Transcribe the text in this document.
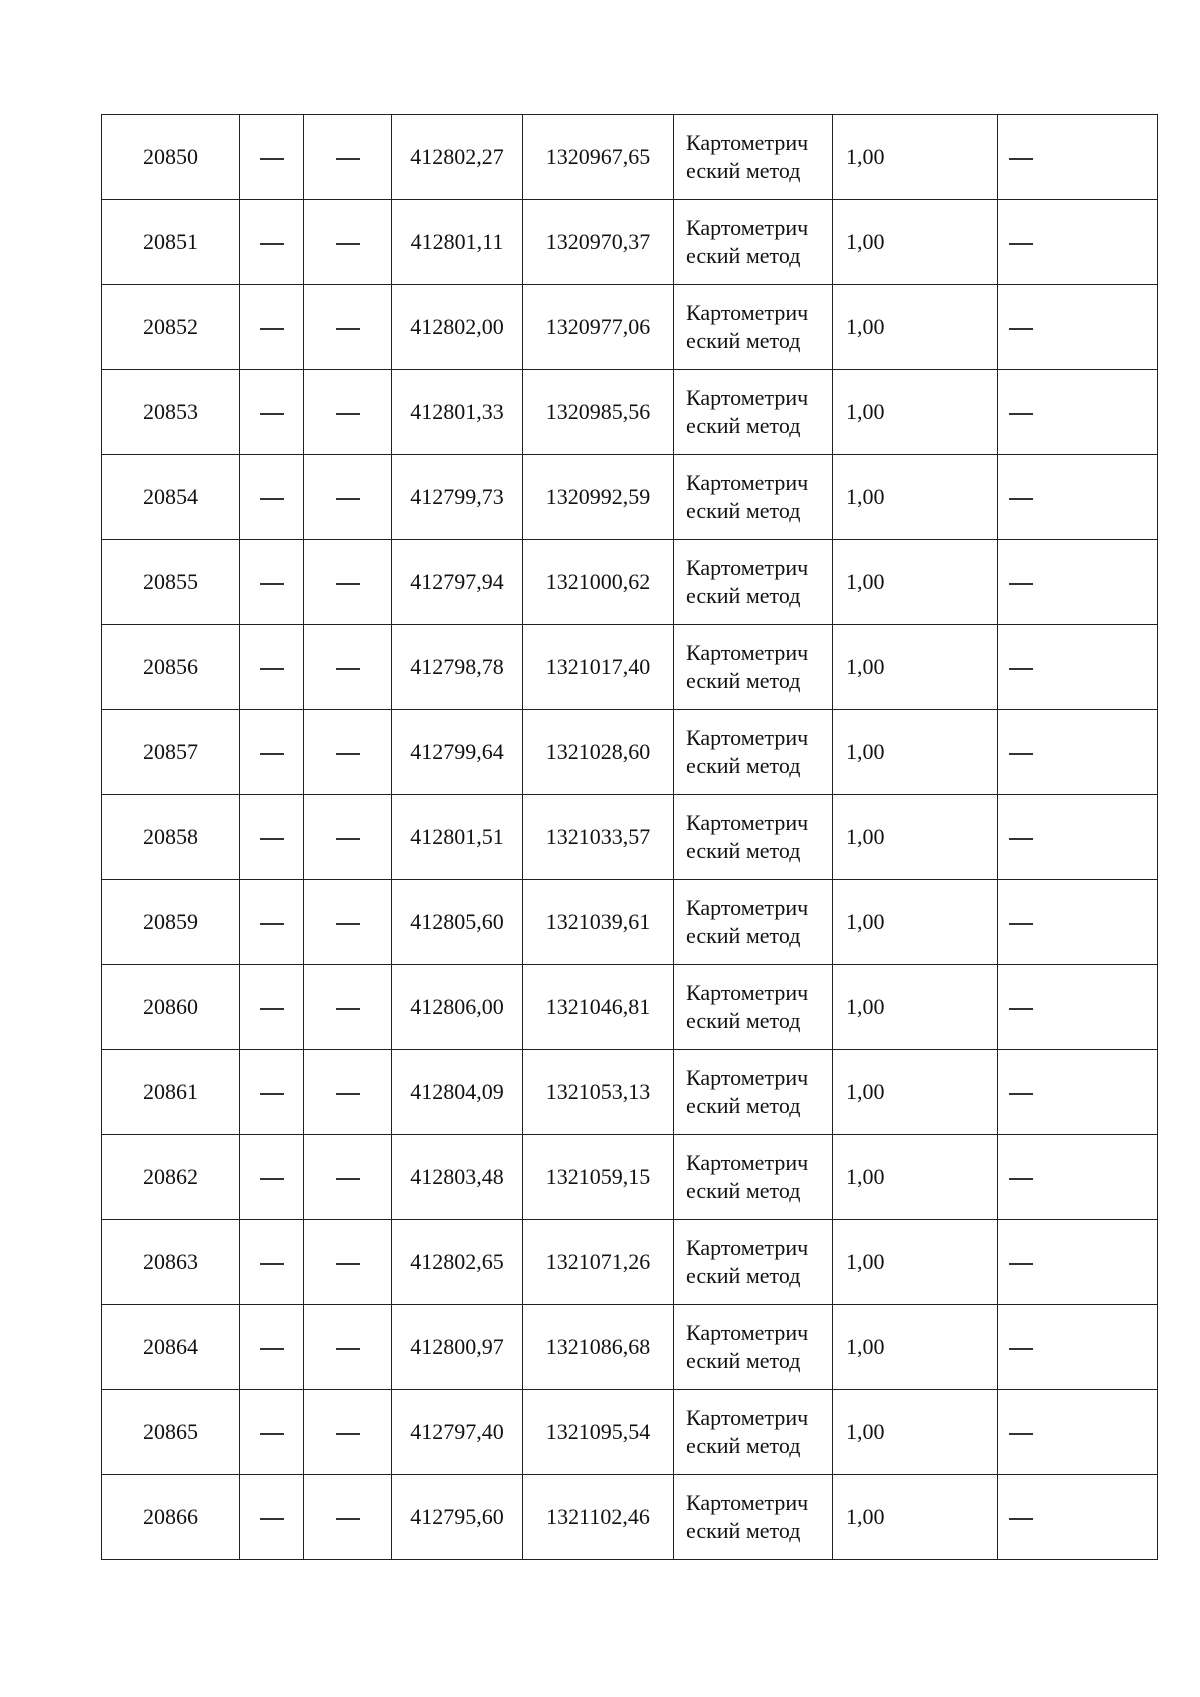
20850			412802,27	1320967,65	Картометрический метод	1,00	
20851			412801,11	1320970,37	Картометрический метод	1,00	
20852			412802,00	1320977,06	Картометрический метод	1,00	
20853			412801,33	1320985,56	Картометрический метод	1,00	
20854			412799,73	1320992,59	Картометрический метод	1,00	
20855			412797,94	1321000,62	Картометрический метод	1,00	
20856			412798,78	1321017,40	Картометрический метод	1,00	
20857			412799,64	1321028,60	Картометрический метод	1,00	
20858			412801,51	1321033,57	Картометрический метод	1,00	
20859			412805,60	1321039,61	Картометрический метод	1,00	
20860			412806,00	1321046,81	Картометрический метод	1,00	
20861			412804,09	1321053,13	Картометрический метод	1,00	
20862			412803,48	1321059,15	Картометрический метод	1,00	
20863			412802,65	1321071,26	Картометрический метод	1,00	
20864			412800,97	1321086,68	Картометрический метод	1,00	
20865			412797,40	1321095,54	Картометрический метод	1,00	
20866			412795,60	1321102,46	Картометрический метод	1,00	
